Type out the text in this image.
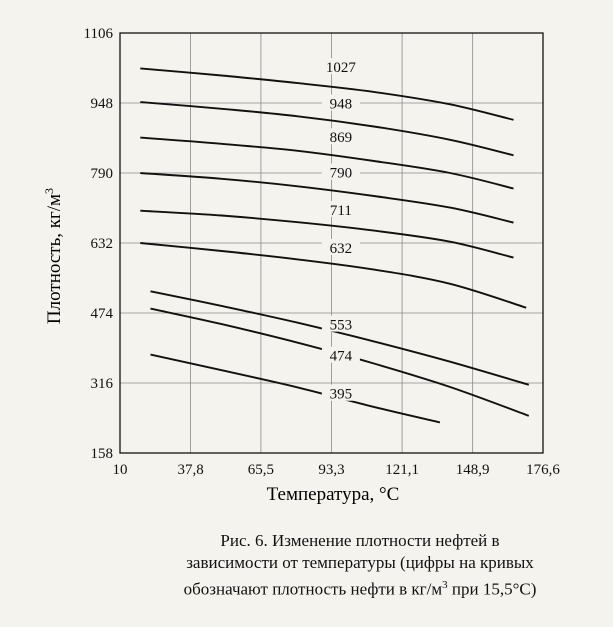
1027
948
869
790
711
632
553
474
395
10	37,8	65,5	93,3	121,1 148,9 176,6
158
316
474
632
790
948
1106
Температура, °C
Плотность, $кг/м^3$
Рис. 6. Изменение плотности нефтей в
зависимости от температуры (цифры на кривых
обозначают плотность нефти в $кг/м^3$ при 15,5°C)
